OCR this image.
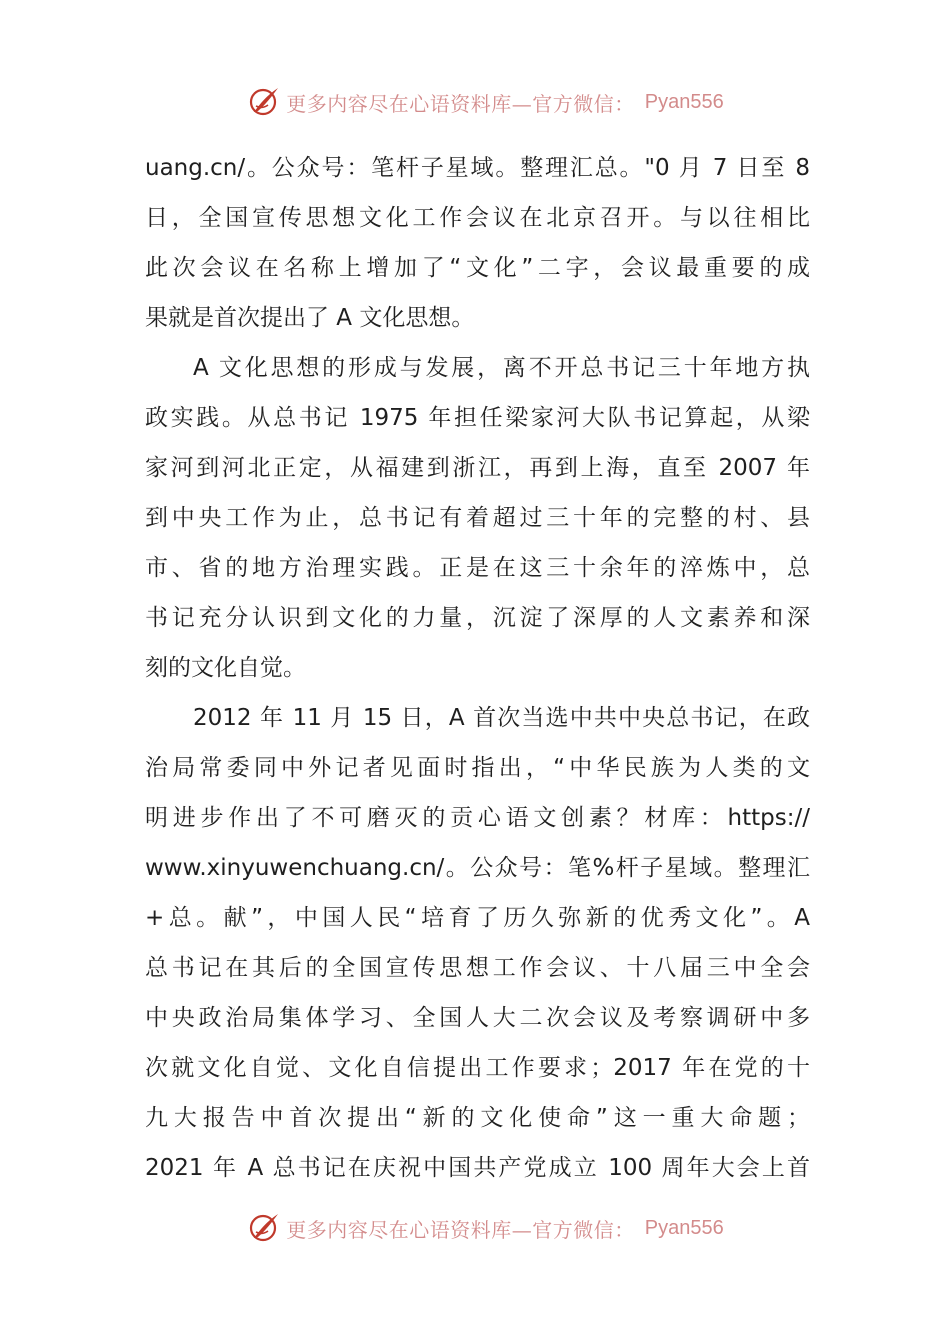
更多内容尽在心语资料库—官方微信： Pyan556
uang.cn/。公众号：笔杆子星域。整理汇总。"0 月 7 日至 8
日，全国宣传思想文化工作会议在北京召开。与以往相比
此次会议在名称上增加了“文化”二字，会议最重要的成
果就是首次提出了 A 文化思想。
A 文化思想的形成与发展，离不开总书记三十年地方执
政实践。从总书记 1975 年担任梁家河大队书记算起，从梁
家河到河北正定，从福建到浙江，再到上海，直至 2007 年
到中央工作为止，总书记有着超过三十年的完整的村、县
市、省的地方治理实践。正是在这三十余年的淬炼中，总
书记充分认识到文化的力量，沉淀了深厚的人文素养和深
刻的文化自觉。
2012 年 11 月 15 日，A 首次当选中共中央总书记，在政
治局常委同中外记者见面时指出，“中华民族为人类的文
明进步作出了不可磨灭的贡心语文创素？材库：https://
www.xinyuwenchuang.cn/。公众号：笔%杆子星域。整理汇
+总。献”，中国人民“培育了历久弥新的优秀文化”。A
总书记在其后的全国宣传思想工作会议、十八届三中全会
中央政治局集体学习、全国人大二次会议及考察调研中多
次就文化自觉、文化自信提出工作要求；2017 年在党的十
九大报告中首次提出“新的文化使命”这一重大命题；
2021 年 A 总书记在庆祝中国共产党成立 100 周年大会上首
更多内容尽在心语资料库—官方微信： Pyan556
